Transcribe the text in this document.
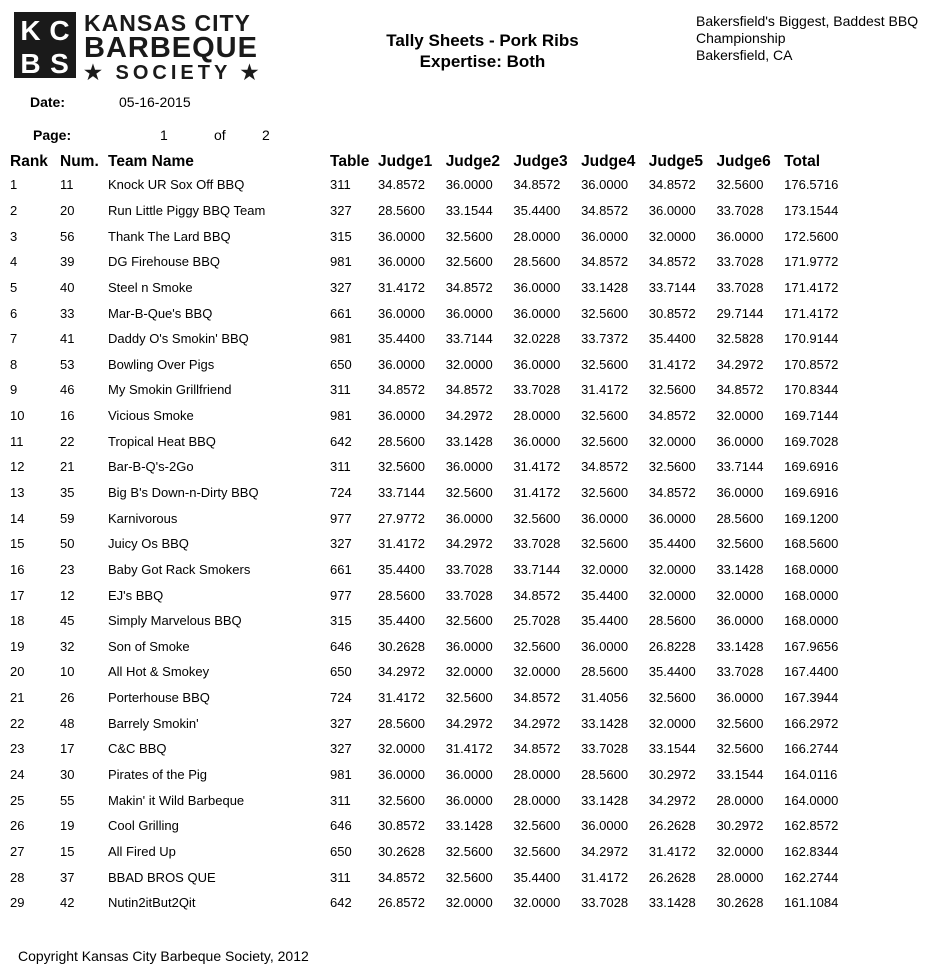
K C
B S
KANSAS CITY
BARBEQUE
★ SOCIETY ★
Tally Sheets - Pork Ribs
Expertise: Both
Bakersfield's Biggest, Baddest BBQ
Championship
Bakersfield, CA
Date:	05-16-2015
Page:	1	of	2
Rank	Num.	Team Name	Table	Judge1	Judge2	Judge3	Judge4	Judge5	Judge6	Total
1	11	Knock UR Sox Off BBQ	311	34.8572	36.0000	34.8572	36.0000	34.8572	32.5600	176.5716
2	20	Run Little Piggy BBQ Team	327	28.5600	33.1544	35.4400	34.8572	36.0000	33.7028	173.1544
3	56	Thank The Lard BBQ	315	36.0000	32.5600	28.0000	36.0000	32.0000	36.0000	172.5600
4	39	DG Firehouse BBQ	981	36.0000	32.5600	28.5600	34.8572	34.8572	33.7028	171.9772
5	40	Steel n Smoke	327	31.4172	34.8572	36.0000	33.1428	33.7144	33.7028	171.4172
6	33	Mar-B-Que's BBQ	661	36.0000	36.0000	36.0000	32.5600	30.8572	29.7144	171.4172
7	41	Daddy O's Smokin' BBQ	981	35.4400	33.7144	32.0228	33.7372	35.4400	32.5828	170.9144
8	53	Bowling Over Pigs	650	36.0000	32.0000	36.0000	32.5600	31.4172	34.2972	170.8572
9	46	My Smokin Grillfriend	311	34.8572	34.8572	33.7028	31.4172	32.5600	34.8572	170.8344
10	16	Vicious Smoke	981	36.0000	34.2972	28.0000	32.5600	34.8572	32.0000	169.7144
11	22	Tropical Heat BBQ	642	28.5600	33.1428	36.0000	32.5600	32.0000	36.0000	169.7028
12	21	Bar-B-Q's-2Go	311	32.5600	36.0000	31.4172	34.8572	32.5600	33.7144	169.6916
13	35	Big B's Down-n-Dirty BBQ	724	33.7144	32.5600	31.4172	32.5600	34.8572	36.0000	169.6916
14	59	Karnivorous	977	27.9772	36.0000	32.5600	36.0000	36.0000	28.5600	169.1200
15	50	Juicy Os BBQ	327	31.4172	34.2972	33.7028	32.5600	35.4400	32.5600	168.5600
16	23	Baby Got Rack Smokers	661	35.4400	33.7028	33.7144	32.0000	32.0000	33.1428	168.0000
17	12	EJ's BBQ	977	28.5600	33.7028	34.8572	35.4400	32.0000	32.0000	168.0000
18	45	Simply Marvelous BBQ	315	35.4400	32.5600	25.7028	35.4400	28.5600	36.0000	168.0000
19	32	Son of Smoke	646	30.2628	36.0000	32.5600	36.0000	26.8228	33.1428	167.9656
20	10	All Hot & Smokey	650	34.2972	32.0000	32.0000	28.5600	35.4400	33.7028	167.4400
21	26	Porterhouse BBQ	724	31.4172	32.5600	34.8572	31.4056	32.5600	36.0000	167.3944
22	48	Barrely Smokin'	327	28.5600	34.2972	34.2972	33.1428	32.0000	32.5600	166.2972
23	17	C&C BBQ	327	32.0000	31.4172	34.8572	33.7028	33.1544	32.5600	166.2744
24	30	Pirates of the Pig	981	36.0000	36.0000	28.0000	28.5600	30.2972	33.1544	164.0116
25	55	Makin' it Wild Barbeque	311	32.5600	36.0000	28.0000	33.1428	34.2972	28.0000	164.0000
26	19	Cool Grilling	646	30.8572	33.1428	32.5600	36.0000	26.2628	30.2972	162.8572
27	15	All Fired Up	650	30.2628	32.5600	32.5600	34.2972	31.4172	32.0000	162.8344
28	37	BBAD BROS QUE	311	34.8572	32.5600	35.4400	31.4172	26.2628	28.0000	162.2744
29	42	Nutin2itBut2Qit	642	26.8572	32.0000	32.0000	33.7028	33.1428	30.2628	161.1084
Copyright Kansas City Barbeque Society, 2012
